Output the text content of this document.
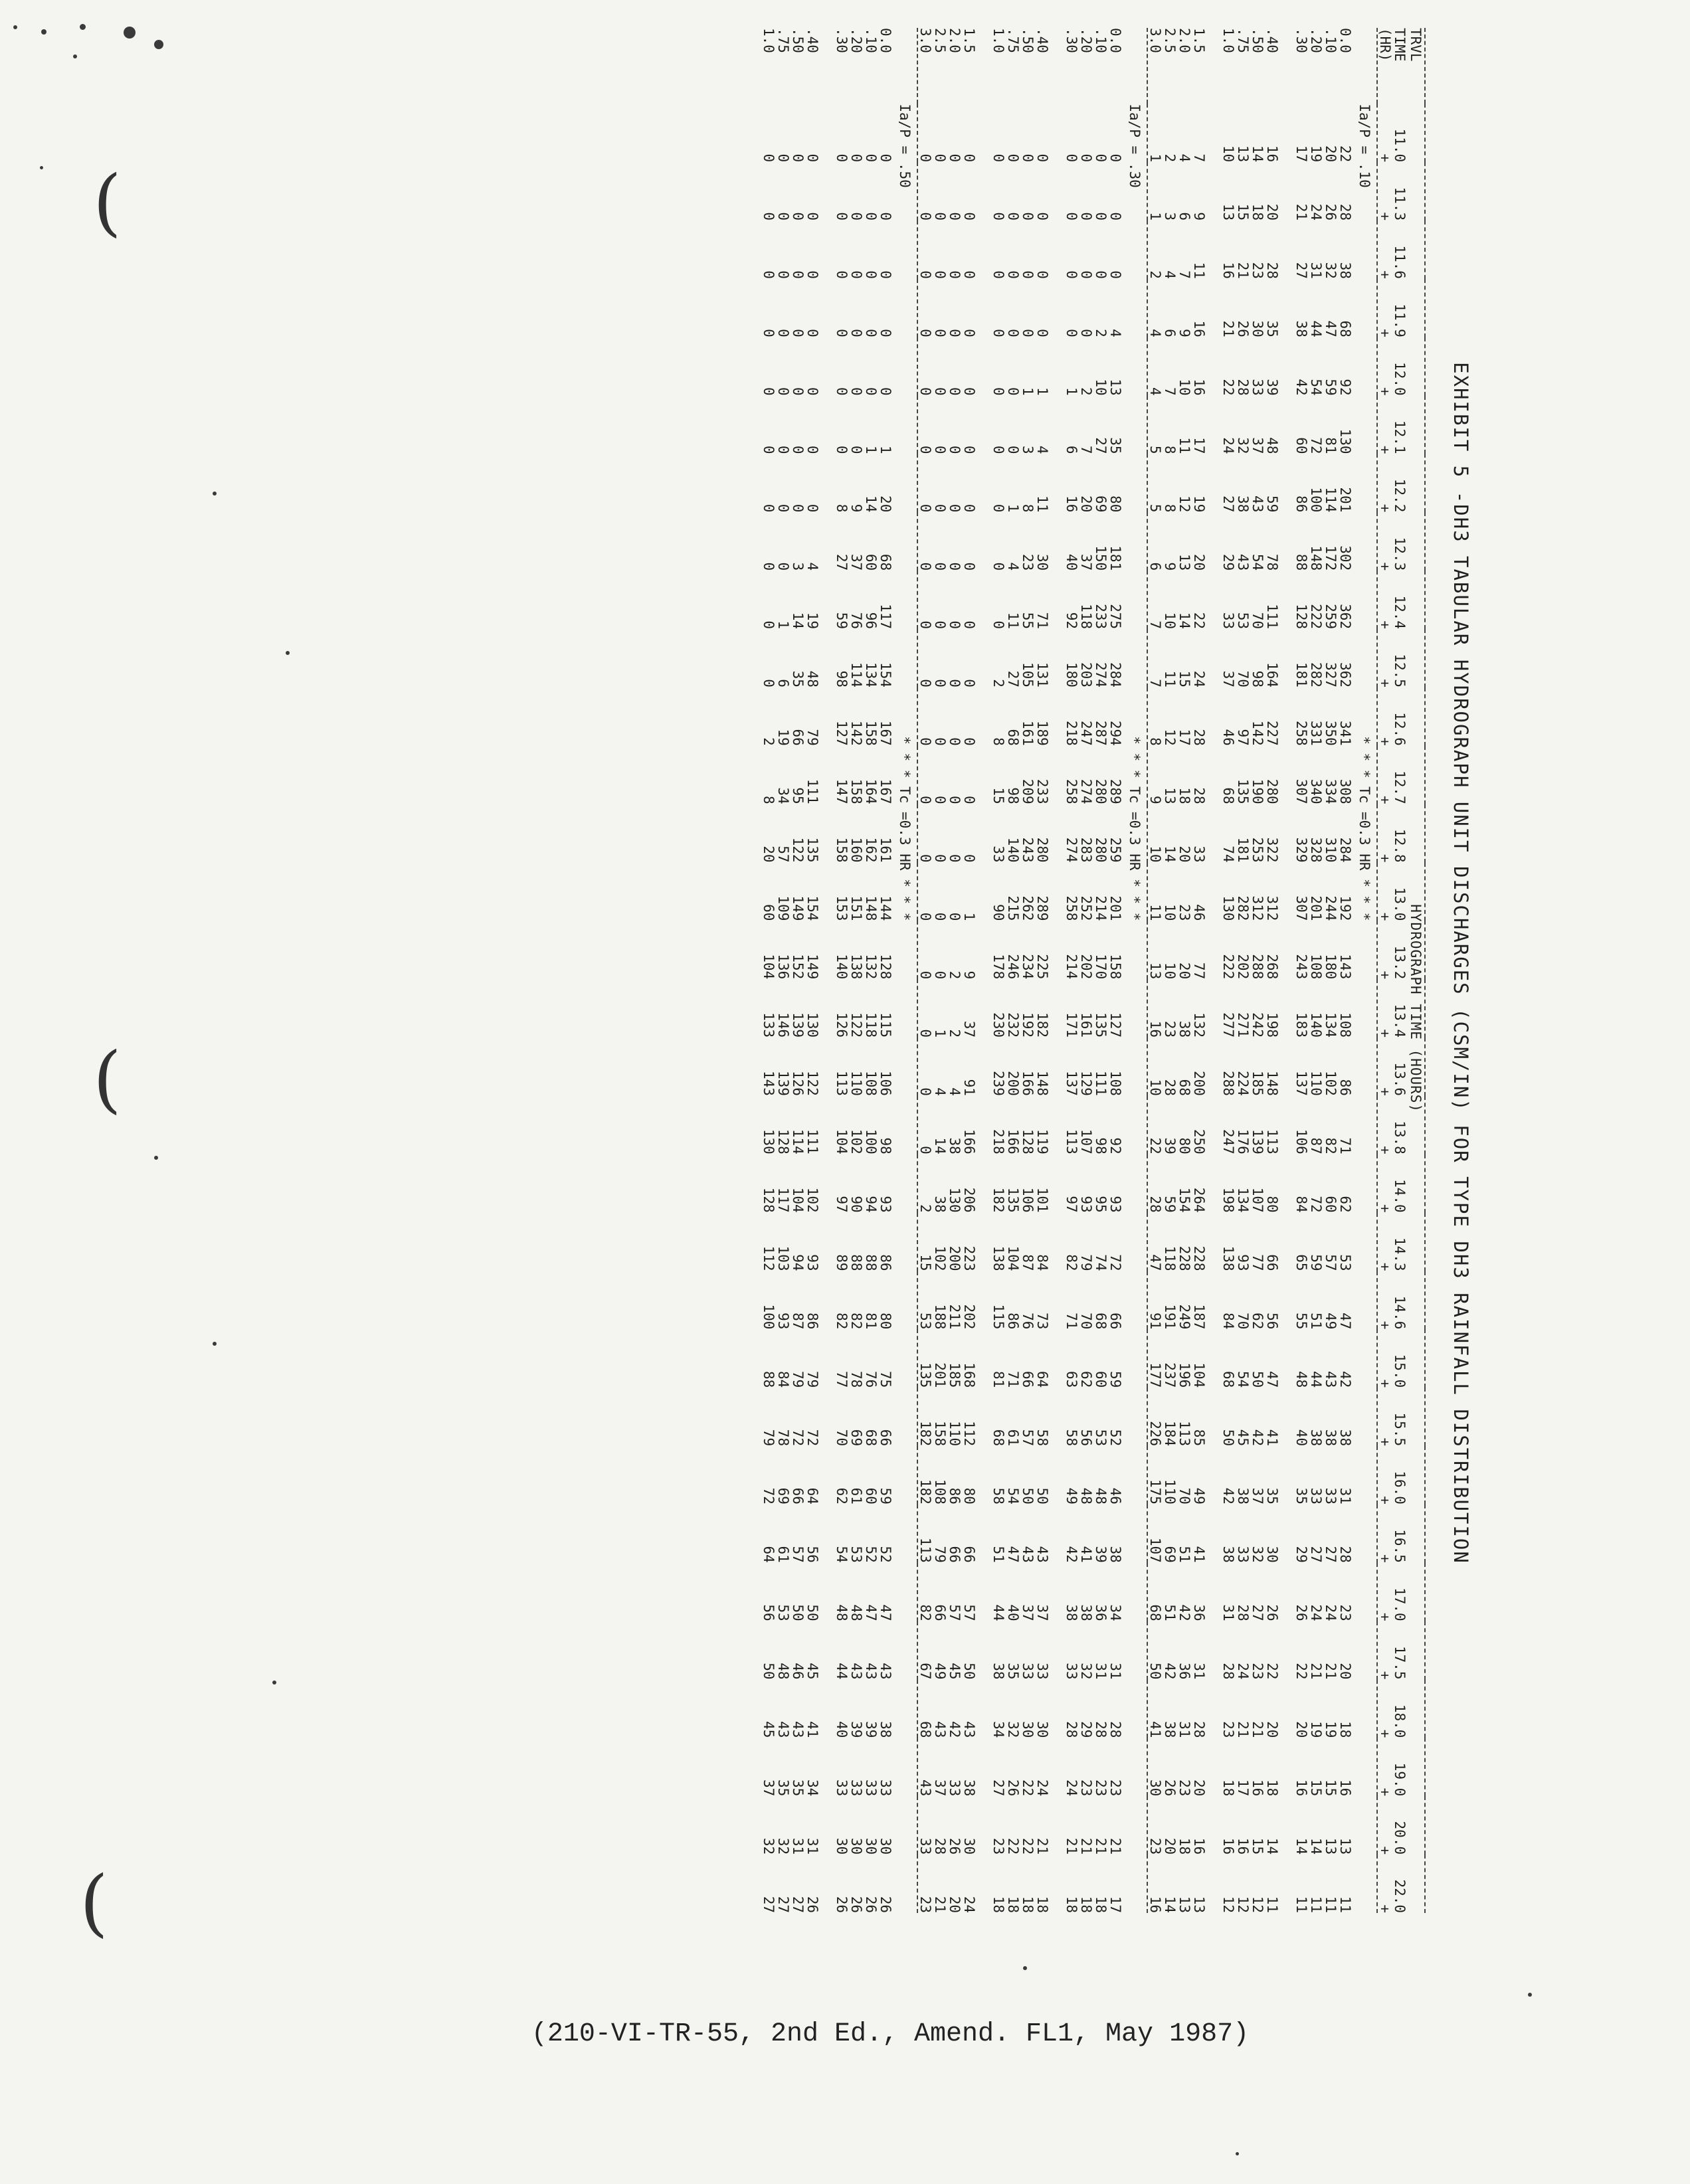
(
(
(
EXHIBIT 5 -DH3 TABULAR HYDROGRAPH UNIT DISCHARGES (CSM/IN) FOR TYPE DH3 RAINFALL DISTRIBUTION
TRVL	HYDROGRAPH TIME (HOURS)																														
TIME	11.0	11.3	11.6	11.9	12.0	12.1	12.2	12.3	12.4	12.5	12.6	12.7	12.8	13.0	13.2	13.4	13.6	13.8	14.0	14.3	14.6	15.0	15.5	16.0	16.5	17.0	17.5	18.0	19.0	20.0	22.0
(HR)	+	+	+	+	+	+	+	+	+	+	+	+	+	+	+	+	+	+	+	+	+	+	+	+	+	+	+	+	+	+	+
	Ia/P = .10				* * * Tc =0.3 HR * * *																										
0.0	22	28	38	68	92	130	201	302	362	362	341	308	284	192	143	108	86	71	62	53	47	42	38	31	28	23	20	18	16	13	11
.10	20	26	32	47	59	81	114	172	259	327	350	334	310	244	180	134	102	82	60	57	49	43	38	33	27	24	21	19	15	13	11
.20	19	24	31	44	54	72	100	148	222	282	331	340	328	201	108	140	110	87	72	59	51	44	38	33	27	24	21	19	15	14	11
.30	17	21	27	38	42	60	86	88	128	181	258	307	329	307	243	183	137	106	84	65	55	48	40	35	29	26	22	20	16	14	11

.40	16	20	28	35	39	48	59	78	111	164	227	280	322	312	268	198	148	113	80	66	56	47	41	35	30	26	22	20	18	14	11
.50	14	18	23	30	33	37	43	54	70	98	142	190	253	312	288	242	185	139	107	77	62	50	42	37	32	27	23	21	16	15	12
.75	13	15	21	26	28	32	38	43	53	70	97	135	181	282	202	271	224	176	134	93	70	54	45	38	33	28	24	21	17	16	12
1.0	10	13	16	21	22	24	27	29	33	37	46	68	74	130	222	277	288	247	198	138	84	68	50	42	38	31	28	23	18	16	12

1.5	7	9	11	16	16	17	19	20	22	24	28	28	33	46	77	132	200	250	264	228	187	104	85	49	41	36	31	28	20	16	13
2.0	4	6	7	9	10	11	12	13	14	15	17	18	20	23	20	38	68	80	154	228	249	196	113	70	51	42	36	31	23	18	13
2.5	2	3	4	6	7	8	8	9	10	11	12	13	14	10	10	23	28	39	59	118	191	237	184	110	69	51	42	38	26	20	14
3.0	1	1	2	4	4	5	5	6	7	7	8	9	10	11	13	16	10	22	28	47	91	177	226	175	107	68	50	41	30	23	16
	Ia/P = .30				* * * Tc =0.3 HR * * *																										
0.0	0	0	0	4	13	35	80	181	275	284	294	289	259	201	158	127	108	92	93	72	66	59	52	46	38	34	31	28	23	21	17
.10	0	0	0	2	10	27	69	150	233	274	287	280	280	214	170	135	111	98	95	74	68	60	53	48	39	36	31	28	23	21	18
.20	0	0	0	0	2	7	20	37	118	203	247	274	283	252	202	161	129	107	93	79	70	62	56	48	41	38	32	29	23	21	18
.30	0	0	0	0	1	6	16	40	92	180	218	258	274	258	214	171	137	113	97	82	71	63	58	49	42	38	33	28	24	21	18

.40	0	0	0	0	1	4	11	30	71	131	189	233	280	289	225	182	148	119	101	84	73	64	58	50	43	37	33	30	24	21	18
.50	0	0	0	0	1	3	8	23	55	105	161	209	243	262	234	192	166	128	106	87	76	66	57	50	43	37	33	30	22	22	18
.75	0	0	0	0	0	0	1	4	11	27	68	98	140	215	246	232	200	166	135	104	86	71	61	54	47	40	35	32	26	22	18
1.0	0	0	0	0	0	0	0	0	0	2	8	15	33	90	178	230	239	218	182	138	115	81	68	58	51	44	38	34	27	23	18

1.5	0	0	0	0	0	0	0	0	0	0	0	0	0	1	9	37	91	166	206	223	202	168	112	80	66	57	50	43	38	30	24
2.0	0	0	0	0	0	0	0	0	0	0	0	0	0	0	2	2	4	38	130	200	211	185	110	86	66	57	45	42	33	26	20
2.5	0	0	0	0	0	0	0	0	0	0	0	0	0	0	0	1	4	14	38	102	188	201	158	108	79	66	49	43	37	28	21
3.0	0	0	0	0	0	0	0	0	0	0	0	0	0	0	0	0	0	0	2	15	53	135	182	182	113	82	67	68	43	33	23
	Ia/P = .50				* * * Tc =0.3 HR * * *																										
0.0	0	0	0	0	0	1	20	68	117	154	167	167	161	144	128	115	106	98	93	86	80	75	66	59	52	47	43	38	33	30	26
.10	0	0	0	0	0	1	14	60	96	134	158	164	162	148	132	118	108	100	94	88	81	76	68	60	52	47	43	39	33	30	26
.20	0	0	0	0	0	0	9	37	76	114	142	158	160	151	138	122	110	102	90	88	82	78	69	61	53	48	43	39	33	30	26
.30	0	0	0	0	0	0	8	27	59	98	127	147	158	153	140	126	113	104	97	89	82	77	70	62	54	48	44	40	33	30	26

.40	0	0	0	0	0	0	0	4	19	48	79	111	135	154	149	130	122	111	102	93	86	79	72	64	56	50	45	41	34	31	26
.50	0	0	0	0	0	0	0	3	14	35	66	95	122	149	152	139	126	114	104	94	87	79	72	66	57	50	46	43	35	31	27
.75	0	0	0	0	0	0	0	0	1	6	19	34	57	109	136	146	139	128	117	103	93	84	78	69	61	53	48	43	35	32	27
1.0	0	0	0	0	0	0	0	0	0	0	2	8	20	60	104	133	143	130	128	112	100	88	79	72	64	56	50	45	37	32	27
(210-VI-TR-55, 2nd Ed., Amend. FL1, May 1987)
